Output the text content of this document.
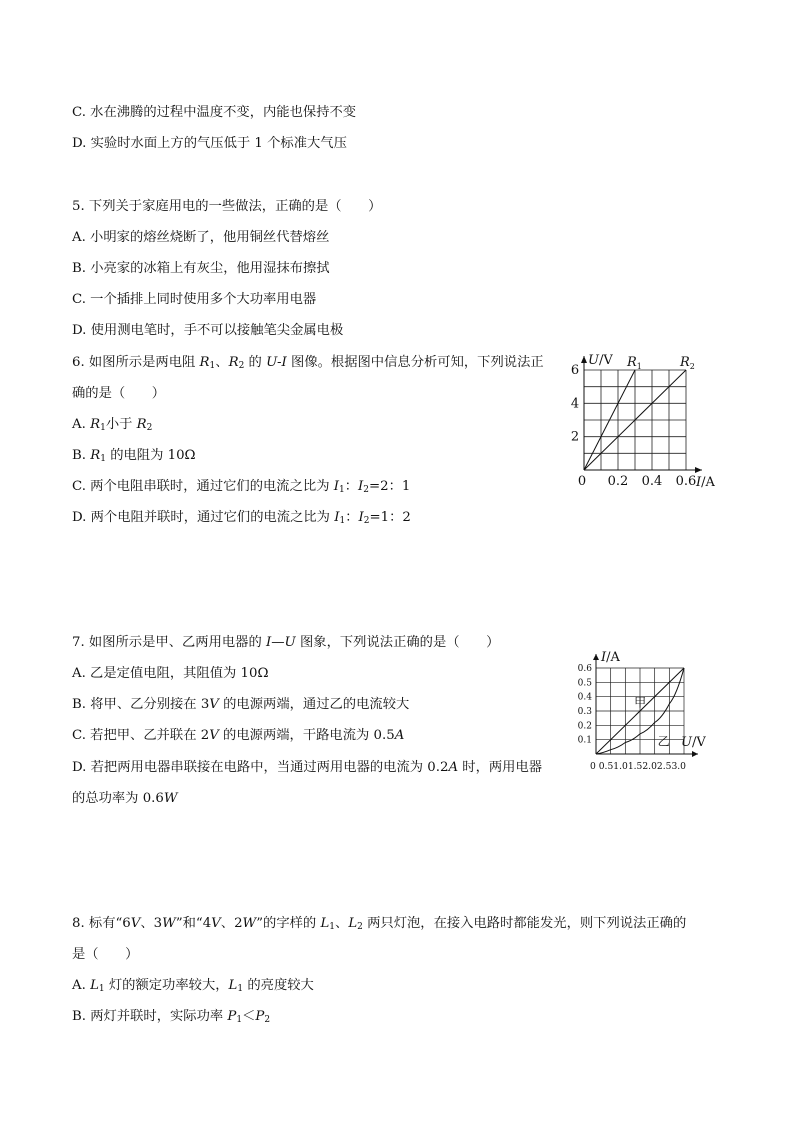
C. 水在沸腾的过程中温度不变，内能也保持不变
D. 实验时水面上方的气压低于 1 个标准大气压
5. 下列关于家庭用电的一些做法，正确的是（　　）
A. 小明家的熔丝烧断了，他用铜丝代替熔丝
B. 小亮家的冰箱上有灰尘，他用湿抹布擦拭
C. 一个插排上同时使用多个大功率用电器
D. 使用测电笔时，手不可以接触笔尖金属电极
6. 如图所示是两电阻 $R_1$、$R_2$ 的 U-I 图像。根据图中信息分析可知，下列说法正
确的是（　　）
A. $R_1$小于 $R_2$
B. $R_1$ 的电阻为 10Ω
C. 两个电阻串联时，通过它们的电流之比为 $I_1$：$I_2=2$：1
D. 两个电阻并联时，通过它们的电流之比为 $I_1$：$I_2=1$：2
7. 如图所示是甲、乙两用电器的 I—U 图象，下列说法正确的是（　　）
A. 乙是定值电阻，其阻值为 10Ω
B. 将甲、乙分别接在 3V 的电源两端，通过乙的电流较大
C. 若把甲、乙并联在 2V 的电源两端，干路电流为 0.5A
D. 若把两用电器串联接在电路中，当通过两用电器的电流为 0.2A 时，两用电器
的总功率为 0.6W
8. 标有“6V、3W”和“4V、2W”的字样的 $L_1$、$L_2$ 两只灯泡，在接入电路时都能发光，则下列说法正确的
是（　　）
A. $L_1$ 灯的额定功率较大，$L_1$ 的亮度较大
B. 两灯并联时，实际功率 $P_1<P_2$
0 0.2 0.4 0.6
2
4
6
I/A
U/V $R_1$	$R_2$
0.1
0.2
0.3
0.4
0.5
0.6
0 0.51.01.52.02.53.0
I/A
U/V
甲
乙
